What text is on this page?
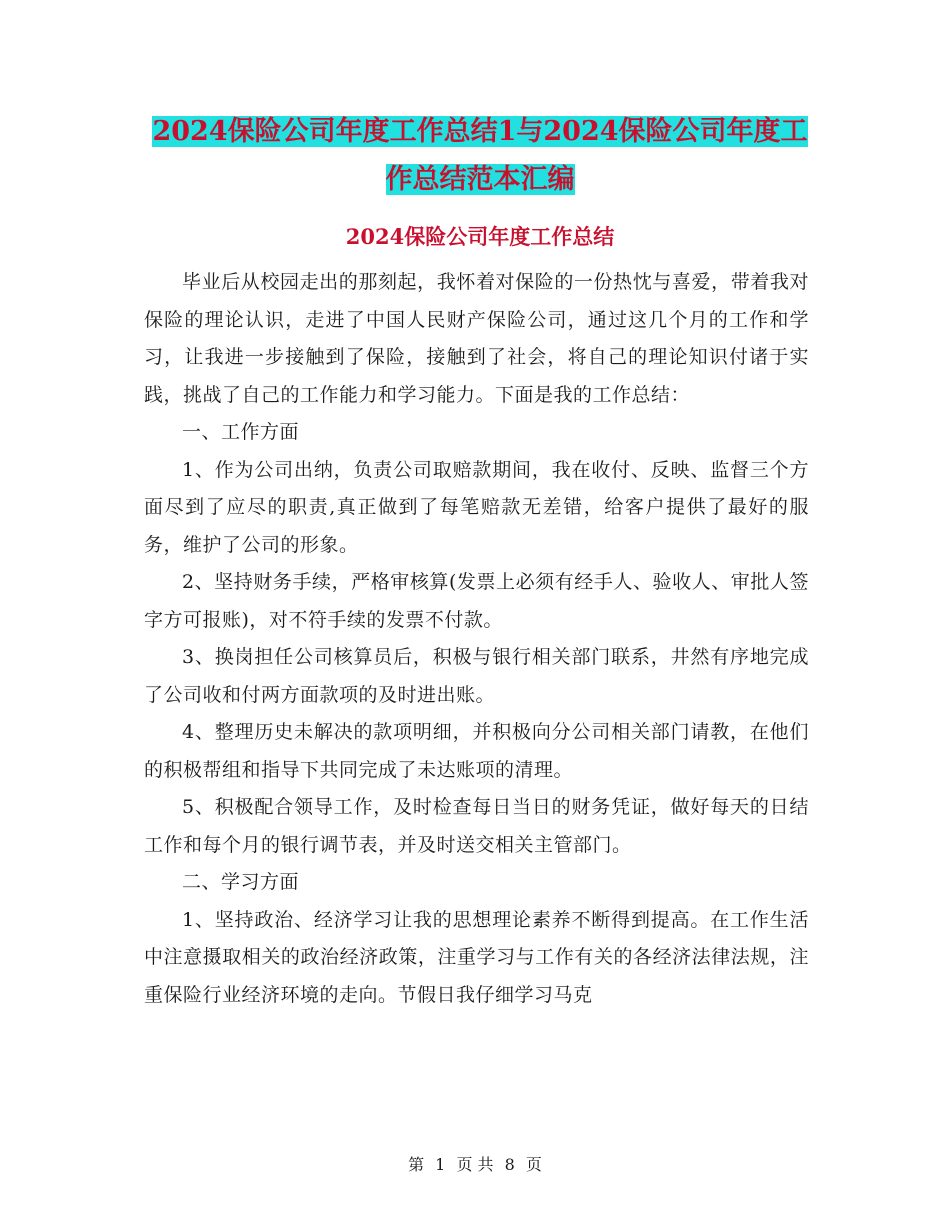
2024保险公司年度工作总结1与2024保险公司年度工
作总结范本汇编
2024保险公司年度工作总结

毕业后从校园走出的那刻起，我怀着对保险的一份热忱与喜爱，带着我对保险的理论认识，走进了中国人民财产保险公司，通过这几个月的工作和学习，让我进一步接触到了保险，接触到了社会，将自己的理论知识付诸于实践，挑战了自己的工作能力和学习能力。下面是我的工作总结：

一、工作方面

1、作为公司出纳，负责公司取赔款期间，我在收付、反映、监督三个方面尽到了应尽的职责,真正做到了每笔赔款无差错，给客户提供了最好的服务，维护了公司的形象。

2、坚持财务手续，严格审核算(发票上必须有经手人、验收人、审批人签字方可报账)，对不符手续的发票不付款。

3、换岗担任公司核算员后，积极与银行相关部门联系，井然有序地完成了公司收和付两方面款项的及时进出账。

4、整理历史未解决的款项明细，并积极向分公司相关部门请教，在他们的积极帮组和指导下共同完成了未达账项的清理。

5、积极配合领导工作，及时检查每日当日的财务凭证，做好每天的日结工作和每个月的银行调节表，并及时送交相关主管部门。

二、学习方面

1、坚持政治、经济学习让我的思想理论素养不断得到提高。在工作生活中注意摄取相关的政治经济政策，注重学习与工作有关的各经济法律法规，注重保险行业经济环境的走向。节假日我仔细学习马克

第 1 页 共 8 页
